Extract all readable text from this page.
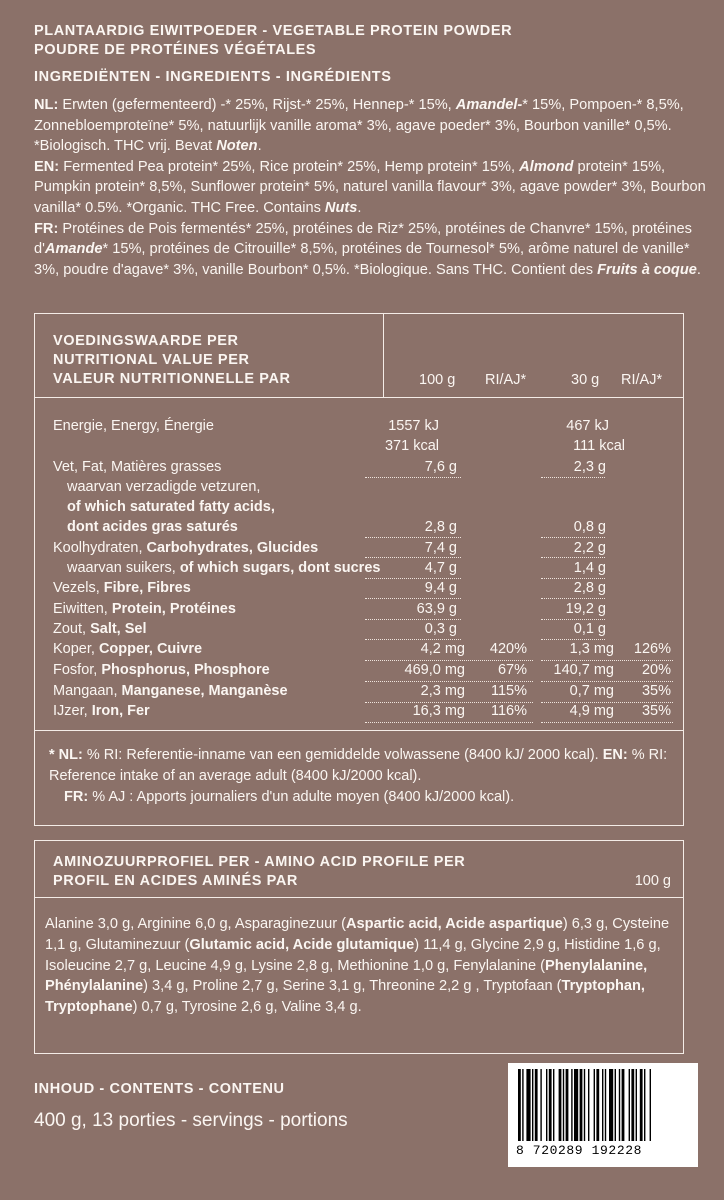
PLANTAARDIG EIWITPOEDER - VEGETABLE PROTEIN POWDER
POUDRE DE PROTÉINES VÉGÉTALES
INGREDIËNTEN - INGREDIENTS - INGRÉDIENTS

NL: Erwten (gefermenteerd) -* 25%, Rijst-* 25%, Hennep-* 15%, Amandel-* 15%, Pompoen-* 8,5%, Zonnebloemproteïne* 5%, natuurlijk vanille aroma* 3%, agave poeder* 3%, Bourbon vanille* 0,5%. *Biologisch. THC vrij. Bevat Noten.

EN: Fermented Pea protein* 25%, Rice protein* 25%, Hemp protein* 15%, Almond protein* 15%, Pumpkin protein* 8,5%, Sunflower protein* 5%, naturel vanilla flavour* 3%, agave powder* 3%, Bourbon vanilla* 0.5%. *Organic. THC Free. Contains Nuts.

FR: Protéines de Pois fermentés* 25%, protéines de Riz* 25%, protéines de Chanvre* 15%, protéines d'Amande* 15%, protéines de Citrouille* 8,5%, protéines de Tournesol* 5%, arôme naturel de vanille* 3%, poudre d'agave* 3%, vanille Bourbon* 0,5%. *Biologique. Sans THC. Contient des Fruits à coque.

VOEDINGSWAARDE PER
NUTRITIONAL VALUE PER
VALEUR NUTRITIONNELLE PAR	100 g RI/AJ*	30 g RI/AJ*
Energie, Energy, Énergie	1557 kJ	467 kJ
371 kcal	111 kcal
Vet, Fat, Matières grasses	7,6 g	2,3 g
waarvan verzadigde vetzuren,
of which saturated fatty acids,
dont acides gras saturés	2,8 g	0,8 g
Koolhydraten, Carbohydrates, Glucides	7,4 g	2,2 g
waarvan suikers, of which sugars, dont sucres	4,7 g	1,4 g
Vezels, Fibre, Fibres	9,4 g	2,8 g
Eiwitten, Protein, Protéines	63,9 g	19,2 g
Zout, Salt, Sel	0,3 g	0,1 g
Koper, Copper, Cuivre	4,2 mg	420%	1,3 mg	126%
Fosfor, Phosphorus, Phosphore	469,0 mg	67%	140,7 mg	20%
Mangaan, Manganese, Manganèse	2,3 mg	115%	0,7 mg	35%
IJzer, Iron, Fer	16,3 mg	116%	4,9 mg	35%

* NL: % RI: Referentie-inname van een gemiddelde volwassene (8400 kJ/ 2000 kcal). EN: % RI: Reference intake of an average adult (8400 kJ/2000 kcal).

FR: % AJ : Apports journaliers d'un adulte moyen (8400 kJ/2000 kcal).

AMINOZUURPROFIEL PER - AMINO ACID PROFILE PER
PROFIL EN ACIDES AMINÉS PAR	100 g
Alanine 3,0 g, Arginine 6,0 g, Asparaginezuur (Aspartic acid, Acide aspartique) 6,3 g, Cysteine 1,1 g, Glutaminezuur (Glutamic acid, Acide glutamique) 11,4 g, Glycine 2,9 g, Histidine 1,6 g, Isoleucine 2,7 g, Leucine 4,9 g, Lysine 2,8 g, Methionine 1,0 g, Fenylalanine (Phenylalanine, Phénylalanine) 3,4 g, Proline 2,7 g, Serine 3,1 g, Threonine 2,2 g , Tryptofaan (Tryptophan, Tryptophane) 0,7 g, Tyrosine 2,6 g, Valine 3,4 g.
INHOUD - CONTENTS - CONTENU
400 g, 13 porties - servings - portions
8 720289 192228
